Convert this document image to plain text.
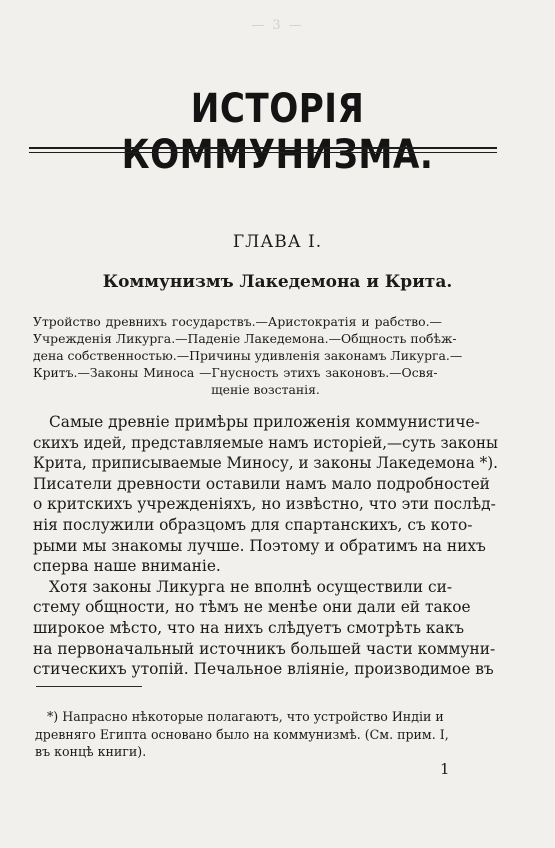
— 3 —
ИСТОРІЯ КОММУНИЗМА.
ГЛАВА I.
Коммунизмъ Лакедемона и Крита.
Утройство древнихъ государствъ.—Аристократія и рабство.—
Учрежденія Ликурга.—Паденіе Лакедемона.—Общность побѣж-
дена собственностью.—Причины удивленія законамъ Ликурга.—
Критъ.—Законы Миноса —Гнусность этихъ законовъ.—Освя-
щеніе возстанія.
Самые древніе примѣры приложенія коммунистиче-
скихъ идей, представляемые намъ исторіей,—суть законы
Крита, приписываемые Миносу, и законы Лакедемона *).
Писатели древности оставили намъ мало подробностей
о критскихъ учрежденіяхъ, но извѣстно, что эти послѣд-
нія послужили образцомъ для спартанскихъ, съ кото-
рыми мы знакомы лучше. Поэтому и обратимъ на нихъ
сперва наше вниманіе.
Хотя законы Ликурга не вполнѣ осуществили си-
стему общности, но тѣмъ не менѣе они дали ей такое
широкое мѣсто, что на нихъ слѣдуетъ смотрѣть какъ
на первоначальный источникъ большей части коммуни-
стическихъ утопій. Печальное вліяніе, производимое въ
*) Напрасно нѣкоторые полагаютъ, что устройство Индіи и
древняго Египта основано было на коммунизмѣ. (См. прим. I,
въ концѣ книги).
1
